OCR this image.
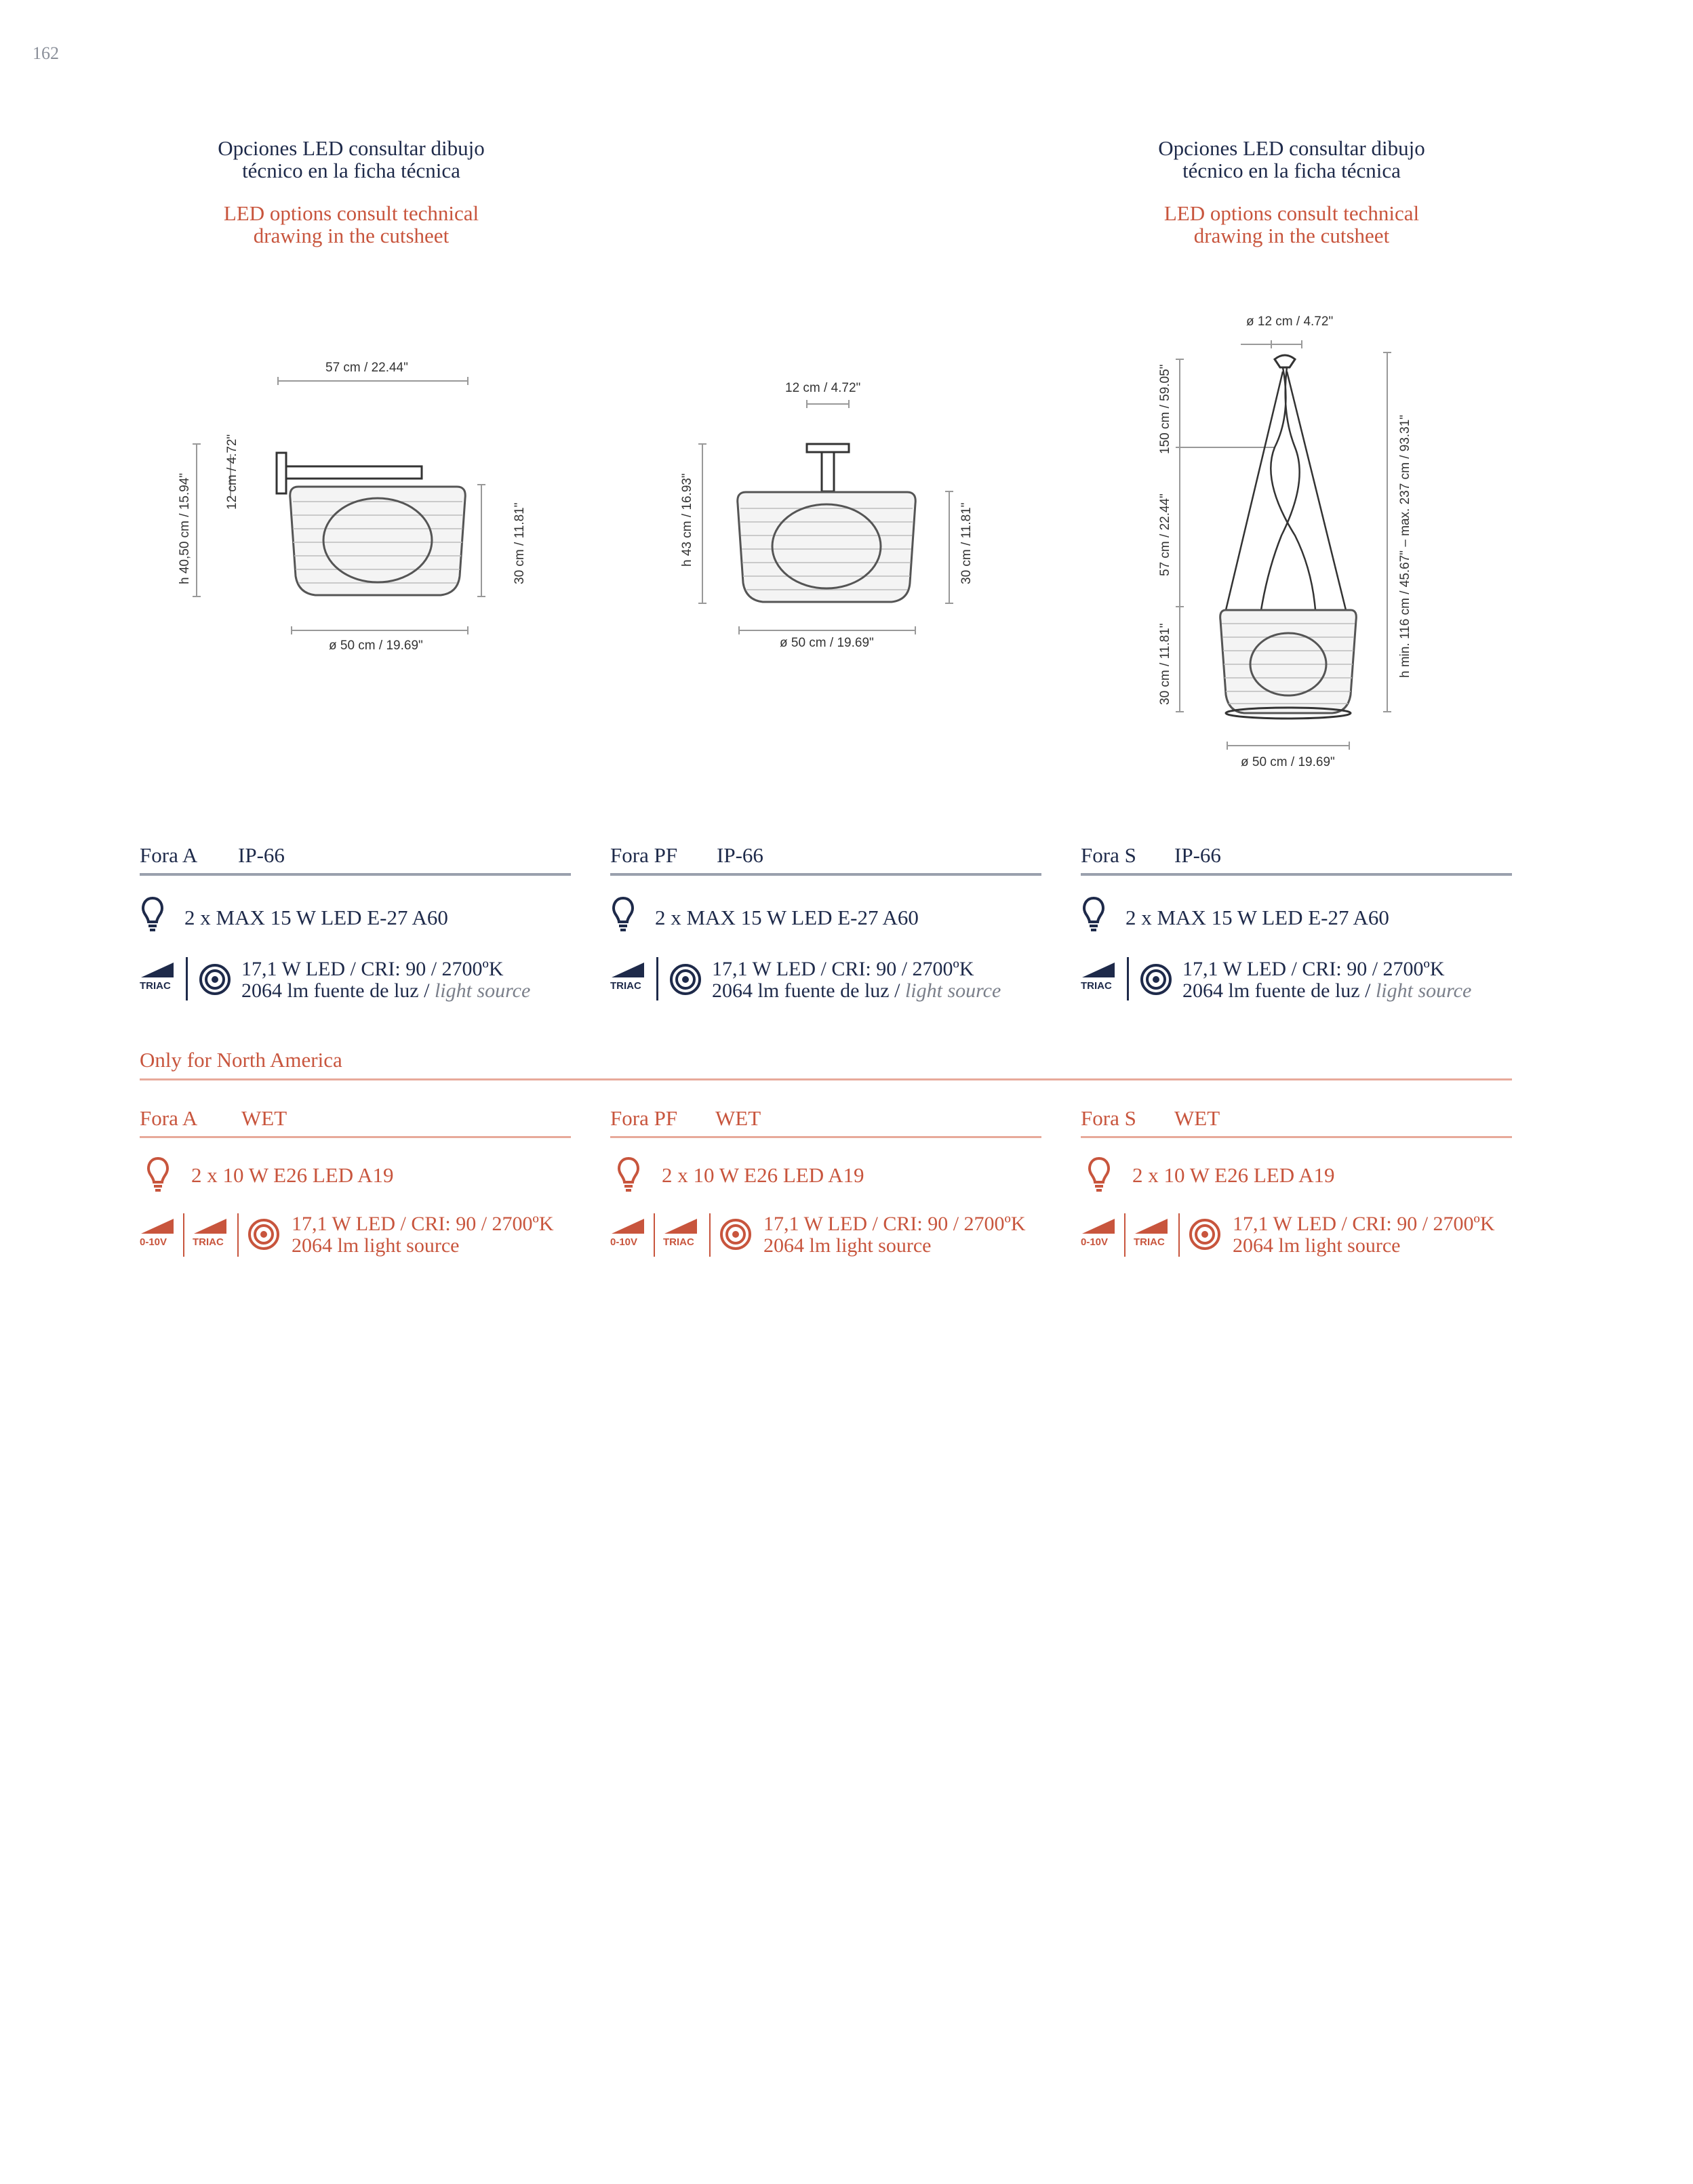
162
Opciones LED consultar dibujo
técnico en la ficha técnica
LED options consult technical
drawing in the cutsheet
Opciones LED consultar dibujo
técnico en la ficha técnica
LED options consult technical
drawing in the cutsheet
57 cm / 22.44"
h 40,50 cm / 15.94"
12 cm / 4.72"
30 cm / 11.81"
ø 50 cm / 19.69"
12 cm / 4.72"
h 43 cm / 16.93"	30 cm / 11.81"
ø 50 cm / 19.69"
ø 12 cm / 4.72"
150 cm / 59.05"
57 cm / 22.44"
30 cm / 11.81"	h min. 116 cm / 45.67" – max. 237 cm / 93.31"
ø 50 cm / 19.69"
Fora A IP-66
2 x MAX 15 W LED E-27 A60
TRIAC
17,1 W LED / CRI: 90 / 2700ºK
2064 lm fuente de luz / light source
Fora PF IP-66
2 x MAX 15 W LED E-27 A60
TRIAC
17,1 W LED / CRI: 90 / 2700ºK
2064 lm fuente de luz / light source
Fora S IP-66
2 x MAX 15 W LED E-27 A60
TRIAC
17,1 W LED / CRI: 90 / 2700ºK
2064 lm fuente de luz / light source
Only for North America
Fora A WET
2 x 10 W E26 LED A19
0-10V	TRIAC
17,1 W LED / CRI: 90 / 2700ºK
2064 lm light source
Fora PF WET
2 x 10 W E26 LED A19
0-10V	TRIAC
17,1 W LED / CRI: 90 / 2700ºK
2064 lm light source
Fora S WET
2 x 10 W E26 LED A19
0-10V	TRIAC
17,1 W LED / CRI: 90 / 2700ºK
2064 lm light source
